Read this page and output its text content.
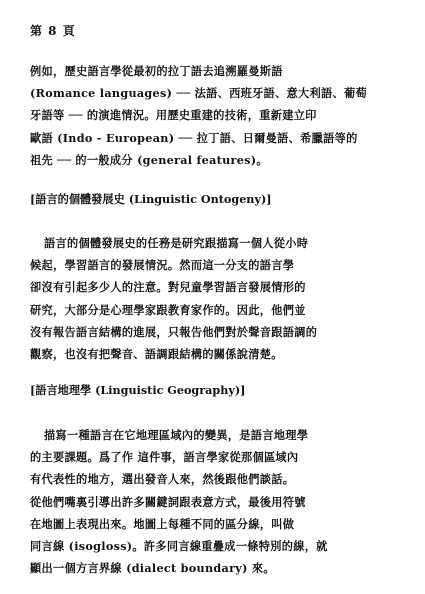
第 8 頁
例如，歷史語言學從最初的拉丁語去追溯羅曼斯語
(Romance languages) ── 法語、西班牙語、意大利語、葡萄
牙語等 ── 的演進情況。用歷史重建的技術，重新建立印
歐語 (Indo - European) ── 拉丁語、日爾曼語、希臘語等的
祖先 ── 的一般成分 (general features)。
[語言的個體發展史 (Linguistic Ontogeny)]
語言的個體發展史的任務是研究跟描寫一個人從小時
候起，學習語言的發展情況。然而這一分支的語言學
卻沒有引起多少人的注意。對兒童學習語言發展情形的
研究，大部分是心理學家跟教育家作的。因此，他們並
沒有報告語言結構的進展，只報告他們對於聲音跟語調的
觀察，也沒有把聲音、語調跟結構的關係說清楚。
[語言地理學 (Linguistic Geography)]
描寫一種語言在它地理區域內的變異，是語言地理學
的主要課題。爲了作 這件事，語言學家從那個區域內
有代表性的地方，選出發音人來，然後跟他們談話。
從他們嘴裏引導出許多關鍵詞跟表意方式，最後用符號
在地圖上表現出來。地圖上每種不同的區分線，叫做
同言線 (isogloss)。許多同言線重疊成一條特別的線，就
顯出一個方言界線 (dialect boundary) 來。
